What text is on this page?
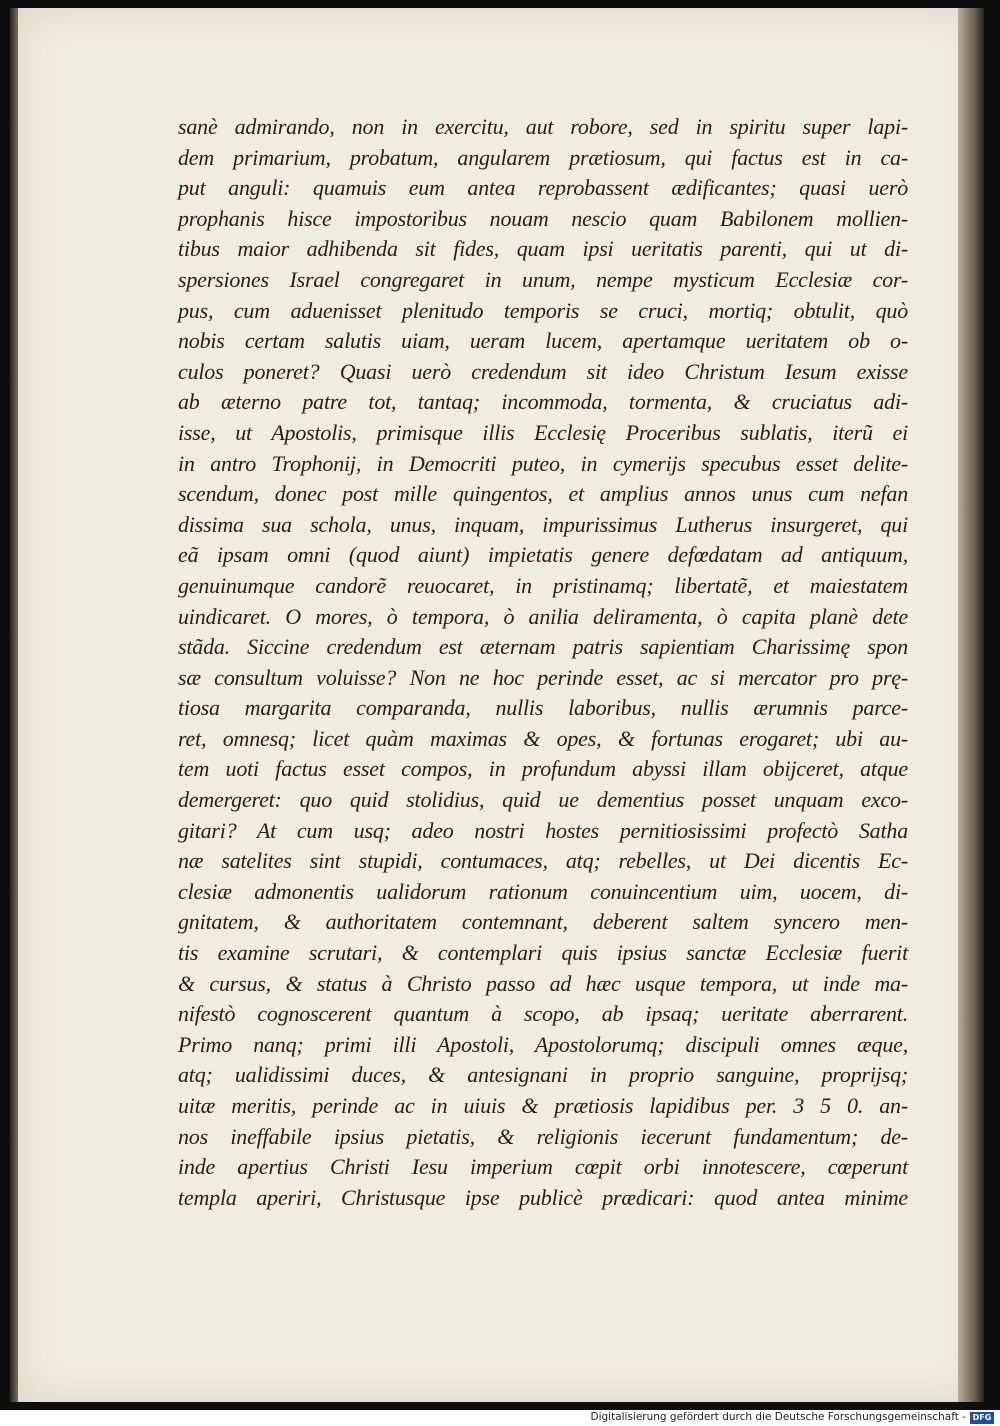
sanè admirando, non in exercitu, aut robore, sed in spiritu super lapi-
dem primarium, probatum, angularem prætiosum, qui factus est in ca-
put anguli: quamuis eum antea reprobassent ædificantes; quasi uerò
prophanis hisce impostoribus nouam nescio quam Babilonem mollien-
tibus maior adhibenda sit fides, quam ipsi ueritatis parenti, qui ut di-
spersiones Israel congregaret in unum, nempe mysticum Ecclesiæ cor-
pus, cum aduenisset plenitudo temporis se cruci, mortiq; obtulit, quò
nobis certam salutis uiam, ueram lucem, apertamque ueritatem ob o-
culos poneret? Quasi uerò credendum sit ideo Christum Iesum exisse
ab æterno patre tot, tantaq; incommoda, tormenta, & cruciatus adi-
isse, ut Apostolis, primisque illis Ecclesię Proceribus sublatis, iterũ ei
in antro Trophonij, in Democriti puteo, in cymerijs specubus esset delite-
scendum, donec post mille quingentos, et amplius annos unus cum nefan
dissima sua schola, unus, inquam, impurissimus Lutherus insurgeret, qui
eã ipsam omni (quod aiunt) impietatis genere defœdatam ad antiquum,
genuinumque candorẽ reuocaret, in pristinamq; libertatẽ, et maiestatem
uindicaret. O mores, ò tempora, ò anilia deliramenta, ò capita planè dete
stãda. Siccine credendum est æternam patris sapientiam Charissimę spon
sæ consultum voluisse? Non ne hoc perinde esset, ac si mercator pro prę-
tiosa margarita comparanda, nullis laboribus, nullis ærumnis parce-
ret, omnesq; licet quàm maximas & opes, & fortunas erogaret; ubi au-
tem uoti factus esset compos, in profundum abyssi illam obijceret, atque
demergeret: quo quid stolidius, quid ue dementius posset unquam exco-
gitari? At cum usq; adeo nostri hostes pernitiosissimi profectò Satha
næ satelites sint stupidi, contumaces, atq; rebelles, ut Dei dicentis Ec-
clesiæ admonentis ualidorum rationum conuincentium uim, uocem, di-
gnitatem, & authoritatem contemnant, deberent saltem syncero men-
tis examine scrutari, & contemplari quis ipsius sanctæ Ecclesiæ fuerit
& cursus, & status à Christo passo ad hæc usque tempora, ut inde ma-
nifestò cognoscerent quantum à scopo, ab ipsaq; ueritate aberrarent.
Primo nanq; primi illi Apostoli, Apostolorumq; discipuli omnes æque,
atq; ualidissimi duces, & antesignani in proprio sanguine, proprijsq;
uitæ meritis, perinde ac in uiuis & prætiosis lapidibus per. 3 5 0. an-
nos ineffabile ipsius pietatis, & religionis iecerunt fundamentum; de-
inde apertius Christi Iesu imperium cœpit orbi innotescere, cœperunt
templa aperiri, Christusque ipse publicè prædicari: quod antea minime
Digitalisierung gefördert durch die Deutsche Forschungsgemeinschaft - DFG
